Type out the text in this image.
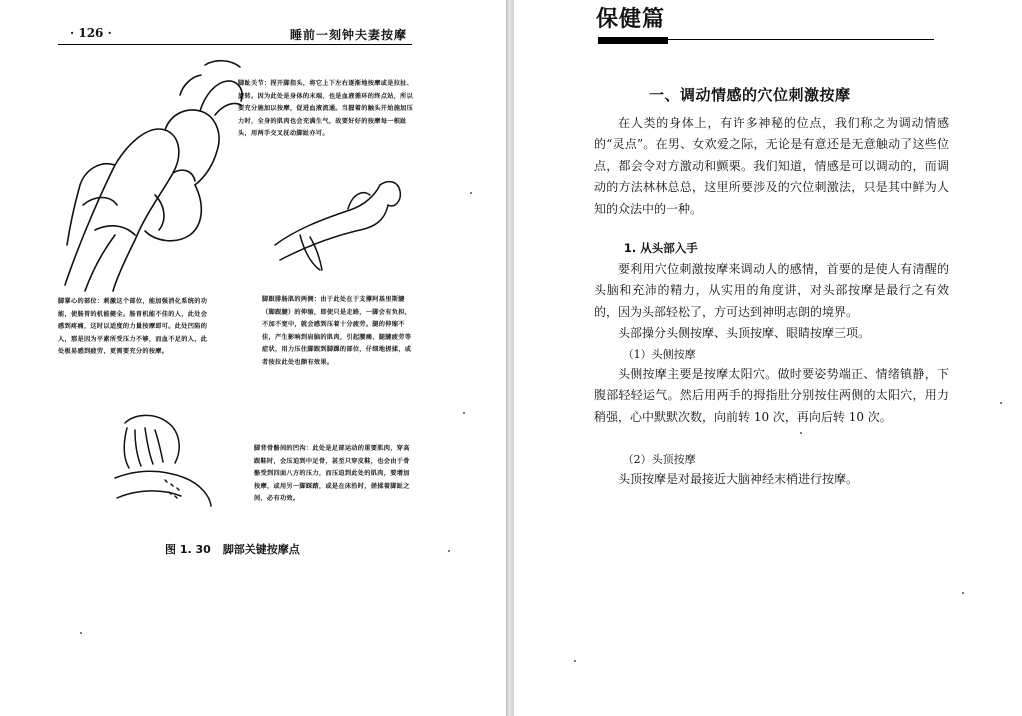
· 126 ·	睡前一刻钟夫妻按摩
脚趾关节：捏开脚指头，将它上下左右逐渐地按摩或是拉扯、旋转。因为此处是身体的末端，也是血液循环的终点站，所以要充分施加以按摩，促进血液流通。当握着的触头开始施加压力时，全身的肌肉也会充满生气，故要好好的按摩每一根趾头，用两手交叉抚动脚趾亦可。
脚掌心的部位：刺激这个部位，能加强消化系统的功能，使肠胃的机能健全。肠胃机能不佳的人，此处会感到疼痛，这时以适度的力量按摩即可。此处凹陷的人，那是因为平素所受压力不够，而血不足的人，此处极易感到疲劳，更需要充分的按摩。
脚跟腓肠肌的两侧：由于此处在于支撑阿基里斯腱（脚跟腱）的伸缩，即使只是走路，一脚会有负担，不加不宽中，就会感到压着十分疲劳。腿的伸缩不佳，产生影响到肩脑的肌肉，引起腰痛、腿腱疲劳等症状，用力压住脚跟到脚踝的部位，仔细地搓揉，或者按拉此处也颇有效果。
脚背骨骼间的凹沟：此处是足部运动的重要肌肉，穿高跟鞋时，会压迫到中足骨，甚至只穿皮鞋，也会由于骨骼受到四面八方的压力，而压迫到此处的肌肉，要增加按摩，或用另一脚踩踏，或是在床沿时，搓揉着脚趾之间，必有功效。
图 1. 30 脚部关键按摩点
保健篇
一、调动情感的穴位刺激按摩
在人类的身体上，有许多神秘的位点，我们称之为调动情感的“灵点”。在男、女欢爱之际，无论是有意还是无意触动了这些位点，都会令对方激动和颤栗。我们知道，情感是可以调动的，而调动的方法林林总总，这里所要涉及的穴位刺激法，只是其中鲜为人知的众法中的一种。
1. 从头部入手
要利用穴位刺激按摩来调动人的感情，首要的是使人有清醒的头脑和充沛的精力，从实用的角度讲，对头部按摩是最行之有效的，因为头部轻松了，方可达到神明志朗的境界。
头部操分头侧按摩、头顶按摩、眼睛按摩三项。
（1）头侧按摩
头侧按摩主要是按摩太阳穴。做时要姿势端正、情绪镇静，下腹部轻轻运气。然后用两手的拇指肚分别按住两侧的太阳穴，用力稍强，心中默默次数，向前转 10 次，再向后转 10 次。
（2）头顶按摩
头顶按摩是对最接近大脑神经末梢进行按摩。
